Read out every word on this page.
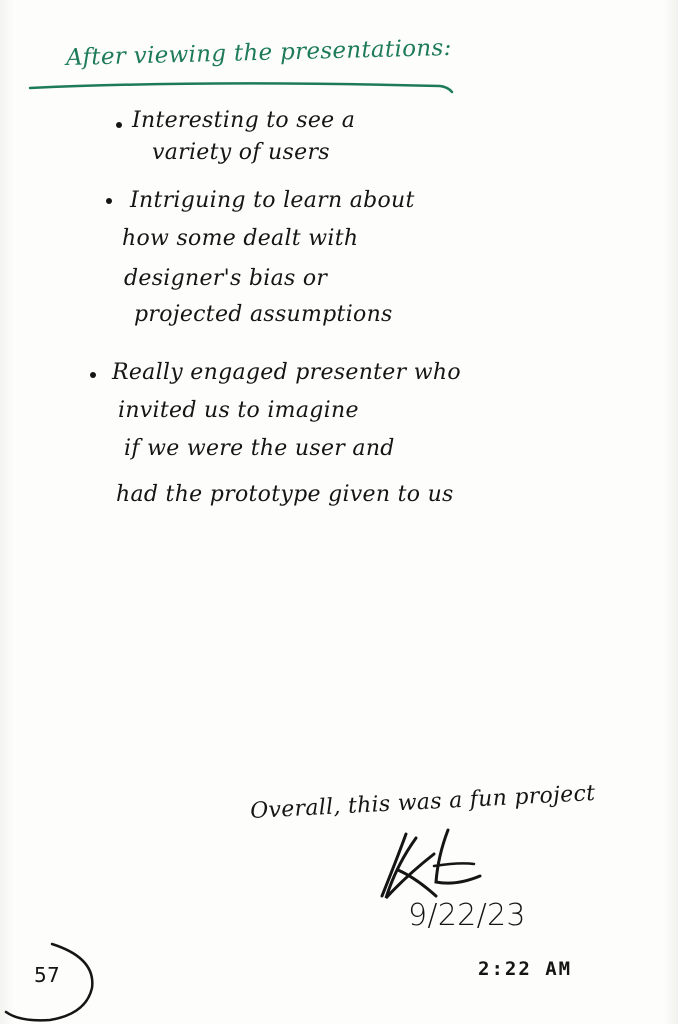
After viewing the presentations:
Interesting to see a
variety of users
Intriguing to learn about
how some dealt with
designer's bias or
projected assumptions
Really engaged presenter who
invited us to imagine
if we were the user and
had the prototype given to us
Overall, this was a fun project
9/22/23
2:22 AM
57
